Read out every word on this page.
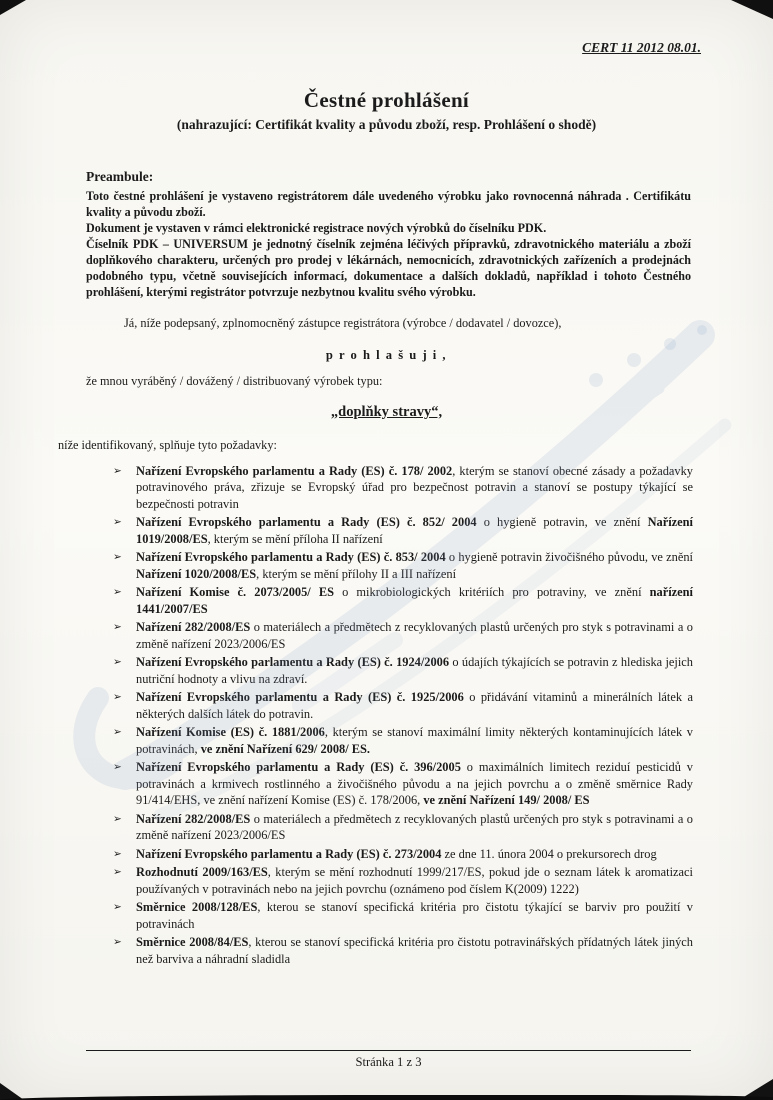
CERT 11 2012 08.01.
Čestné prohlášení
(nahrazující: Certifikát kvality a původu zboží, resp. Prohlášení o shodě)
Preambule:

Toto čestné prohlášení je vystaveno registrátorem dále uvedeného výrobku jako rovnocenná náhrada . Certifikátu kvality a původu zboží.

Dokument je vystaven v rámci elektronické registrace nových výrobků do číselníku PDK.

Číselník PDK – UNIVERSUM je jednotný číselník zejména léčivých přípravků, zdravotnického materiálu a zboží doplňkového charakteru, určených pro prodej v lékárnách, nemocnicích, zdravotnických zařízeních a prodejnách podobného typu, včetně souvisejících informací, dokumentace a dalších dokladů, například i tohoto Čestného prohlášení, kterými registrátor potvrzuje nezbytnou kvalitu svého výrobku.

Já, níže podepsaný, zplnomocněný zástupce registrátora (výrobce / dodavatel / dovozce),

p r o h l a š u j i ,

že mnou vyráběný / dovážený / distribuovaný výrobek typu:

„doplňky stravy“,

níže identifikovaný, splňuje tyto požadavky:

➢	Nařízení Evropského parlamentu a Rady (ES) č. 178/ 2002, kterým se stanoví obecné zásady a požadavky potravinového práva, zřizuje se Evropský úřad pro bezpečnost potravin a stanoví se postupy týkající se bezpečnosti potravin
➢	Nařízení Evropského parlamentu a Rady (ES) č. 852/ 2004 o hygieně potravin, ve znění Nařízení 1019/2008/ES, kterým se mění příloha II nařízení
➢	Nařízení Evropského parlamentu a Rady (ES) č. 853/ 2004 o hygieně potravin živočišného původu, ve znění Nařízení 1020/2008/ES, kterým se mění přílohy II a III nařízení
➢	Nařízení Komise č. 2073/2005/ ES o mikrobiologických kritériích pro potraviny, ve znění nařízení 1441/2007/ES
➢	Nařízení 282/2008/ES o materiálech a předmětech z recyklovaných plastů určených pro styk s potravinami a o změně nařízení 2023/2006/ES
➢	Nařízení Evropského parlamentu a Rady (ES) č. 1924/2006 o údajích týkajících se potravin z hlediska jejich nutriční hodnoty a vlivu na zdraví.
➢	Nařízení Evropského parlamentu a Rady (ES) č. 1925/2006 o přidávání vitaminů a minerálních látek a některých dalších látek do potravin.
➢	Nařízení Komise (ES) č. 1881/2006, kterým se stanoví maximální limity některých kontaminujících látek v potravinách, ve znění Nařízení 629/ 2008/ ES.
➢	Nařízení Evropského parlamentu a Rady (ES) č. 396/2005 o maximálních limitech reziduí pesticidů v potravinách a krmivech rostlinného a živočišného původu a na jejich povrchu a o změně směrnice Rady 91/414/EHS, ve znění nařízení Komise (ES) č. 178/2006, ve znění Nařízení 149/ 2008/ ES
➢	Nařízení 282/2008/ES o materiálech a předmětech z recyklovaných plastů určených pro styk s potravinami a o změně nařízení 2023/2006/ES
➢	Nařízení Evropského parlamentu a Rady (ES) č. 273/2004 ze dne 11. února 2004 o prekursorech drog
➢	Rozhodnutí 2009/163/ES, kterým se mění rozhodnutí 1999/217/ES, pokud jde o seznam látek k aromatizaci používaných v potravinách nebo na jejich povrchu (oznámeno pod číslem K(2009) 1222)
➢	Směrnice 2008/128/ES, kterou se stanoví specifická kritéria pro čistotu týkající se barviv pro použití v potravinách
➢	Směrnice 2008/84/ES, kterou se stanoví specifická kritéria pro čistotu potravinářských přídatných látek jiných než barviva a náhradní sladidla
Stránka 1 z 3
